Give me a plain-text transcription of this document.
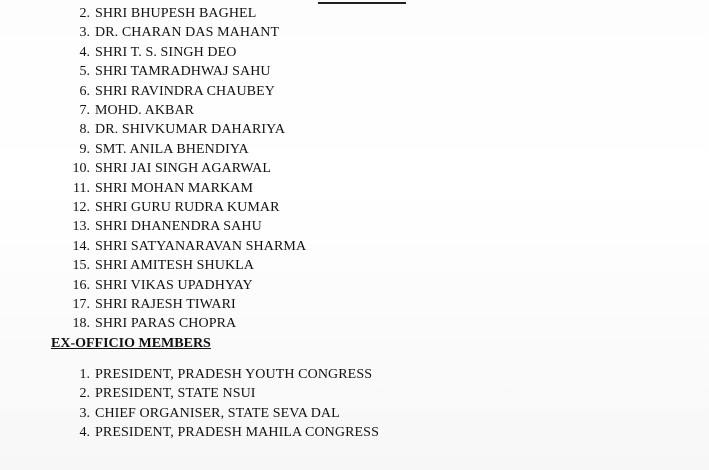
2. SHRI BHUPESH BAGHEL
3. DR. CHARAN DAS MAHANT
4. SHRI T. S. SINGH DEO
5. SHRI TAMRADHWAJ SAHU
6. SHRI RAVINDRA CHAUBEY
7. MOHD. AKBAR
8. DR. SHIVKUMAR DAHARIYA
9. SMT. ANILA BHENDIYA
10. SHRI JAI SINGH AGARWAL
11. SHRI MOHAN MARKAM
12. SHRI GURU RUDRA KUMAR
13. SHRI DHANENDRA SAHU
14. SHRI SATYANARAVAN SHARMA
15. SHRI AMITESH SHUKLA
16. SHRI VIKAS UPADHYAY
17. SHRI RAJESH TIWARI
18. SHRI PARAS CHOPRA
EX-OFFICIO MEMBERS
1. PRESIDENT, PRADESH YOUTH CONGRESS
2. PRESIDENT, STATE NSUI
3. CHIEF ORGANISER, STATE SEVA DAL
4. PRESIDENT, PRADESH MAHILA CONGRESS
